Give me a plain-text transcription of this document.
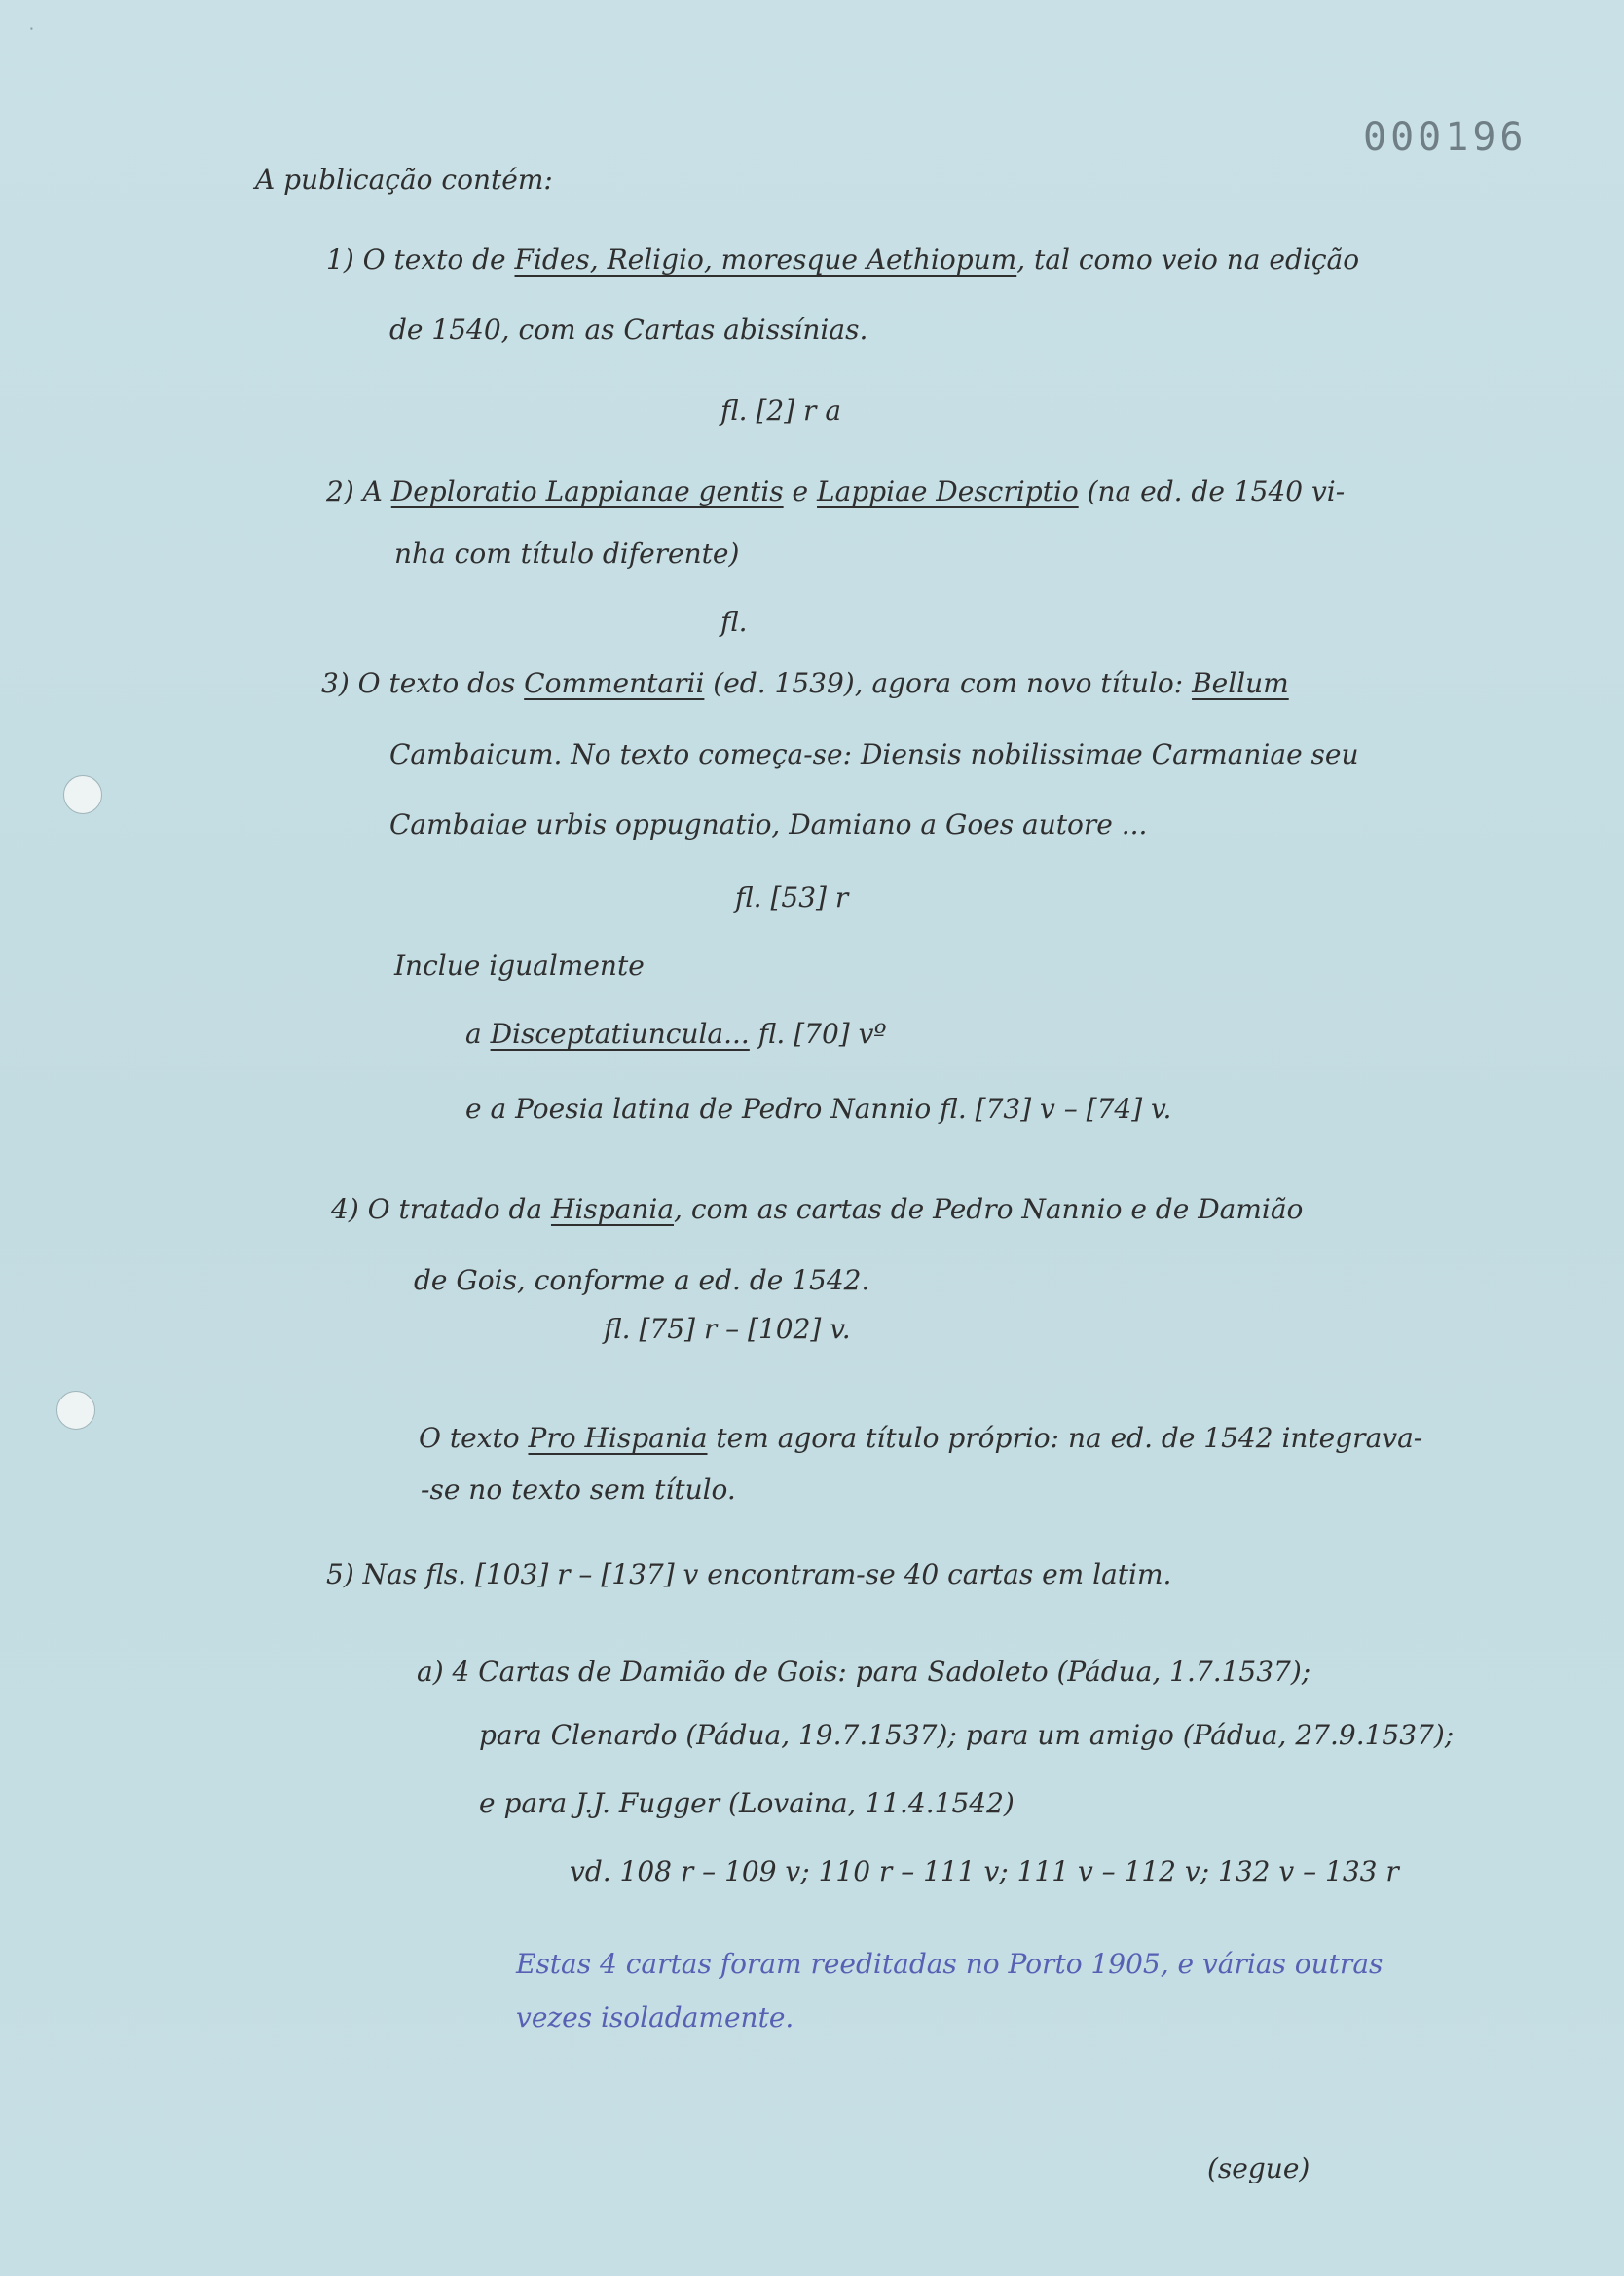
⸱
000196
A publicação contém:
1) O texto de Fides, Religio, moresque Aethiopum, tal como veio na edição
de 1540, com as Cartas abissínias.
fl. [2] r a
2) A Deploratio Lappianae gentis e Lappiae Descriptio (na ed. de 1540 vi-
nha com título diferente)
fl.
3) O texto dos Commentarii (ed. 1539), agora com novo título: Bellum
Cambaicum. No texto começa-se: Diensis nobilissimae Carmaniae seu
Cambaiae urbis oppugnatio, Damiano a Goes autore ...
fl. [53] r
Inclue igualmente
a Disceptatiuncula... fl. [70] vº
e a Poesia latina de Pedro Nannio fl. [73] v – [74] v.
4) O tratado da Hispania, com as cartas de Pedro Nannio e de Damião
de Gois, conforme a ed. de 1542.
fl. [75] r – [102] v.
O texto Pro Hispania tem agora título próprio: na ed. de 1542 integrava-
-se no texto sem título.
5) Nas fls. [103] r – [137] v encontram-se 40 cartas em latim.
a) 4 Cartas de Damião de Gois: para Sadoleto (Pádua, 1.7.1537);
para Clenardo (Pádua, 19.7.1537); para um amigo (Pádua, 27.9.1537);
e para J.J. Fugger (Lovaina, 11.4.1542)
vd. 108 r – 109 v; 110 r – 111 v; 111 v – 112 v; 132 v – 133 r
Estas 4 cartas foram reeditadas no Porto 1905, e várias outras
vezes isoladamente.
(segue)
